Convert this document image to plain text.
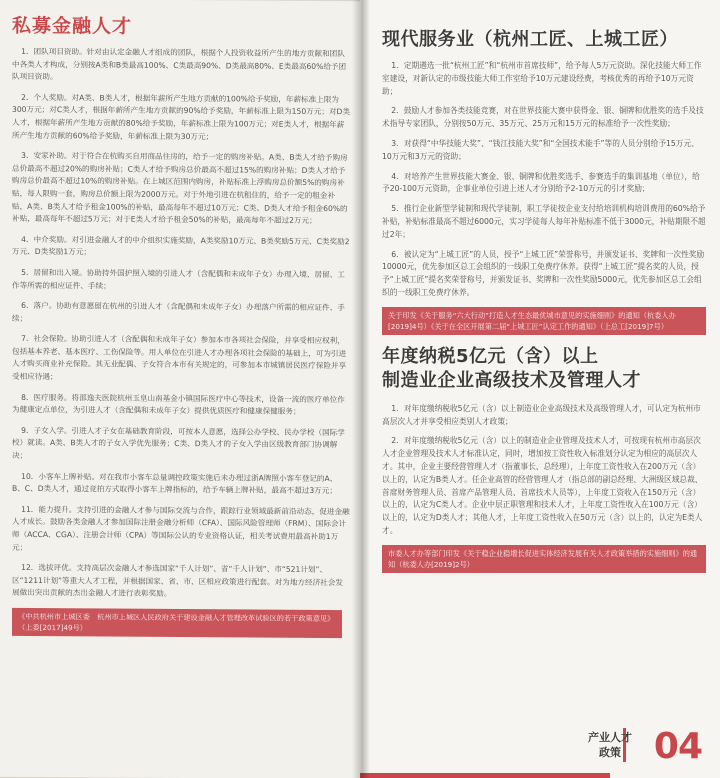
私募金融人才

1．团队项目资助。针对由认定金融人才组成的团队，根据个人投资收益所产生的地方贡献和团队中各类人才构成，分别按A类和B类最高100%、C类最高90%、D类最高80%、E类最高60%给予团队项目资助。

2．个人奖励。对A类、B类人才，根据年薪所产生地方贡献的100%给予奖励，年薪标准上限为300万元；对C类人才，根据年薪所产生地方贡献的90%给予奖励，年薪标准上限为150万元；对D类人才，根据年薪所产生地方贡献的80%给予奖励，年薪标准上限为100万元；对E类人才，根据年薪所产生地方贡献的60%给予奖励，年薪标准上限为30万元；

3．安家补助。对于符合在杭购买自用商品住房的，给予一定的购房补贴。A类、B类人才给予购房总价最高不超过20%的购房补贴；C类人才给予购房总价最高不超过15%的购房补贴；D类人才给予购房总价最高不超过10%的购房补贴。在上城区范围内购房，补贴标准上浮购房总价额5%的购房补贴，每人限购一套，购房总价额上限为2000万元。对于外地引进在杭租住的，给予一定的租金补贴，A类、B类人才给予租金100%的补贴，最高每年不超过10万元；C类、D类人才给予租金60%的补贴，最高每年不超过5万元；对于E类人才给予租金50%的补贴，最高每年不超过2万元；

4．中介奖励。对引进金融人才的中介组织实施奖励，A类奖励10万元、B类奖励5万元、C类奖励2万元、D类奖励1万元；

5．居留和出入境。协助持外国护照入境的引进人才（含配偶和未成年子女）办理入境、居留、工作等所需的相应证件、手续；

6．落户。协助有意愿留在杭州的引进人才（含配偶和未成年子女）办理落户所需的相应证件、手续；

7．社会保险。协助引进人才（含配偶和未成年子女）参加本市各项社会保险，并享受相应权利，包括基本养老、基本医疗、工伤保险等。用人单位在引进人才办理各项社会保险的基础上，可为引进人才购买商业补充保险。其无业配偶、子女符合本市有关规定的，可参加本市城镇居民医疗保险并享受相应待遇；

8．医疗服务。将邵逸夫医院杭州玉皇山南基金小镇国际医疗中心等技术，设备一流的医疗单位作为健康定点单位，为引进人才（含配偶和未成年子女）提供优质医疗和健康保健服务；

9．子女入学。引进人才子女在基础教育阶段，可按本人意愿，选择公办学校、民办学校（国际学校）就读。A类、B类人才的子女入学优先服务；C类、D类人才的子女入学由区级教育部门协调解决；

10．小客车上牌补贴。对在我市小客车总量调控政策实施后未办理过浙A牌照小客车登记的A、B、C、D类人才，通过竞拍方式取得小客车上牌指标的，给予车辆上牌补贴，最高不超过3万元；

11．能力提升。支持引进的金融人才参与国际交流与合作，跟踪行业领域最新前沿动态，促进金融人才成长。鼓励各类金融人才参加国际注册金融分析师（CFA）、国际风险管理师（FRM）、国际会计师（ACCA、CGA）、注册会计师（CPA）等国际公认的专业资格认证，相关考试费用最高补助1万元；

12．选拔评优。支持高层次金融人才参选国家“千人计划”、省“千人计划”、市“521计划”、区“1211计划”等重大人才工程，并根据国家、省、市、区相应政策进行配套。对为地方经济社会发展做出突出贡献的杰出金融人才进行表彰奖励。

《中共杭州市上城区委　杭州市上城区人民政府关于建设金融人才管理改革试验区的若干政策意见》（上委[2017]49号）
现代服务业（杭州工匠、上城工匠）

1．定期遴选一批“杭州工匠”和“杭州市首席技师”，给予每人5万元资助。深化技能大师工作室建设，对新认定的市级技能大师工作室给予10万元建设经费，考核优秀的再给予10万元资助；

2．鼓励人才参加各类技能竞赛，对在世界技能大赛中获得金、银、铜牌和优胜奖的选手及技术指导专家团队，分别按50万元、35万元、25万元和15万元的标准给予一次性奖励；

3．对获得“中华技能大奖”、“钱江技能大奖”和“全国技术能手”等的人员分别给予15万元、10万元和3万元的资助；

4．对培养产生世界技能大赛金、银、铜牌和优胜奖选手、参赛选手的集训基地（单位），给予20-100万元资助，企事业单位引进上述人才分别给予2-10万元的引才奖励；

5．推行企业新型学徒制和现代学徒制，职工学徒按企业支付给培训机构培训费用的60%给予补贴，补贴标准最高不超过6000元，实习学徒每人每年补贴标准不低于3000元，补贴期限不超过2年；

6．被认定为“上城工匠”的人员，授予“上城工匠”荣誉称号，并颁发证书、奖牌和一次性奖励10000元，优先参加区总工会组织的一线职工免费疗休养。获得“上城工匠”提名奖的人员，授予“上城工匠”提名奖荣誉称号，并颁发证书、奖牌和一次性奖励5000元，优先参加区总工会组织的一线职工免费疗休养。

关于印发《关于服务“六大行动”打造人才生态最优城市意见的实施细则》的通知（杭委人办[2019]4号）《关于在全区开展第二届“上城工匠”认定工作的通知》（上总工[2019]7号）
年度纳税5亿元（含）以上
制造业企业高级技术及管理人才

1．对年度缴纳税收5亿元（含）以上制造业企业高级技术及高级管理人才，可认定为杭州市高层次人才并享受相应类别人才政策；

2．对年度缴纳税收5亿元（含）以上的制造业企业管理及技术人才，可按现有杭州市高层次人才企业管理及技术人才标准认定，同时，增加按工资性收入标准划分认定为相应的高层次人才。其中，企业主要经营管理人才（指董事长、总经理），上年度工资性收入在200万元（含）以上的，认定为B类人才。任企业高管的经营管理人才（指总部的副总经理、大洲级区域总裁、首席财务管理人员、首席产品管理人员、首席技术人员等），上年度工资收入在150万元（含）以上的，认定为C类人才。企业中层正职管理和技术人才，上年度工资性收入在100万元（含）以上的，认定为D类人才；其他人才，上年度工资性收入在50万元（含）以上的，认定为E类人才。

市委人才办等部门印发《关于稳企业稳增长促进实体经济发展有关人才政策举措的实施细则》的通知（杭委人办[2019]2号）
产业人才
政策 04
